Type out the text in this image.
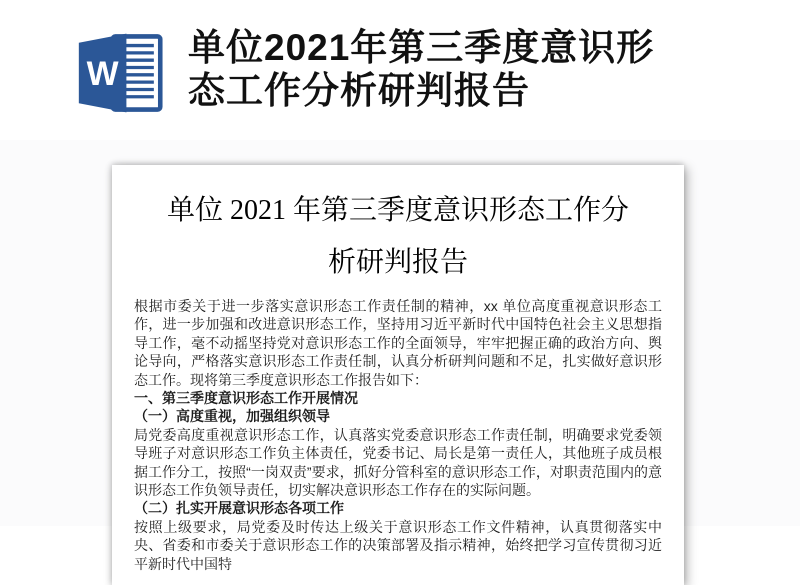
W
单位2021年第三季度意识形态工作分析研判报告
单位 2021 年第三季度意识形态工作分析研判报告

根据市委关于进一步落实意识形态工作责任制的精神，xx 单位高度重视意识形态工作，进一步加强和改进意识形态工作，坚持用习近平新时代中国特色社会主义思想指导工作，毫不动摇坚持党对意识形态工作的全面领导，牢牢把握正确的政治方向、舆论导向，严格落实意识形态工作责任制，认真分析研判问题和不足，扎实做好意识形态工作。现将第三季度意识形态工作报告如下：

一、第三季度意识形态工作开展情况

（一）高度重视，加强组织领导

局党委高度重视意识形态工作，认真落实党委意识形态工作责任制，明确要求党委领导班子对意识形态工作负主体责任，党委书记、局长是第一责任人，其他班子成员根据工作分工，按照“一岗双责”要求，抓好分管科室的意识形态工作，对职责范围内的意识形态工作负领导责任，切实解决意识形态工作存在的实际问题。

（二）扎实开展意识形态各项工作

按照上级要求，局党委及时传达上级关于意识形态工作文件精神，认真贯彻落实中央、省委和市委关于意识形态工作的决策部署及指示精神，始终把学习宣传贯彻习近平新时代中国特
